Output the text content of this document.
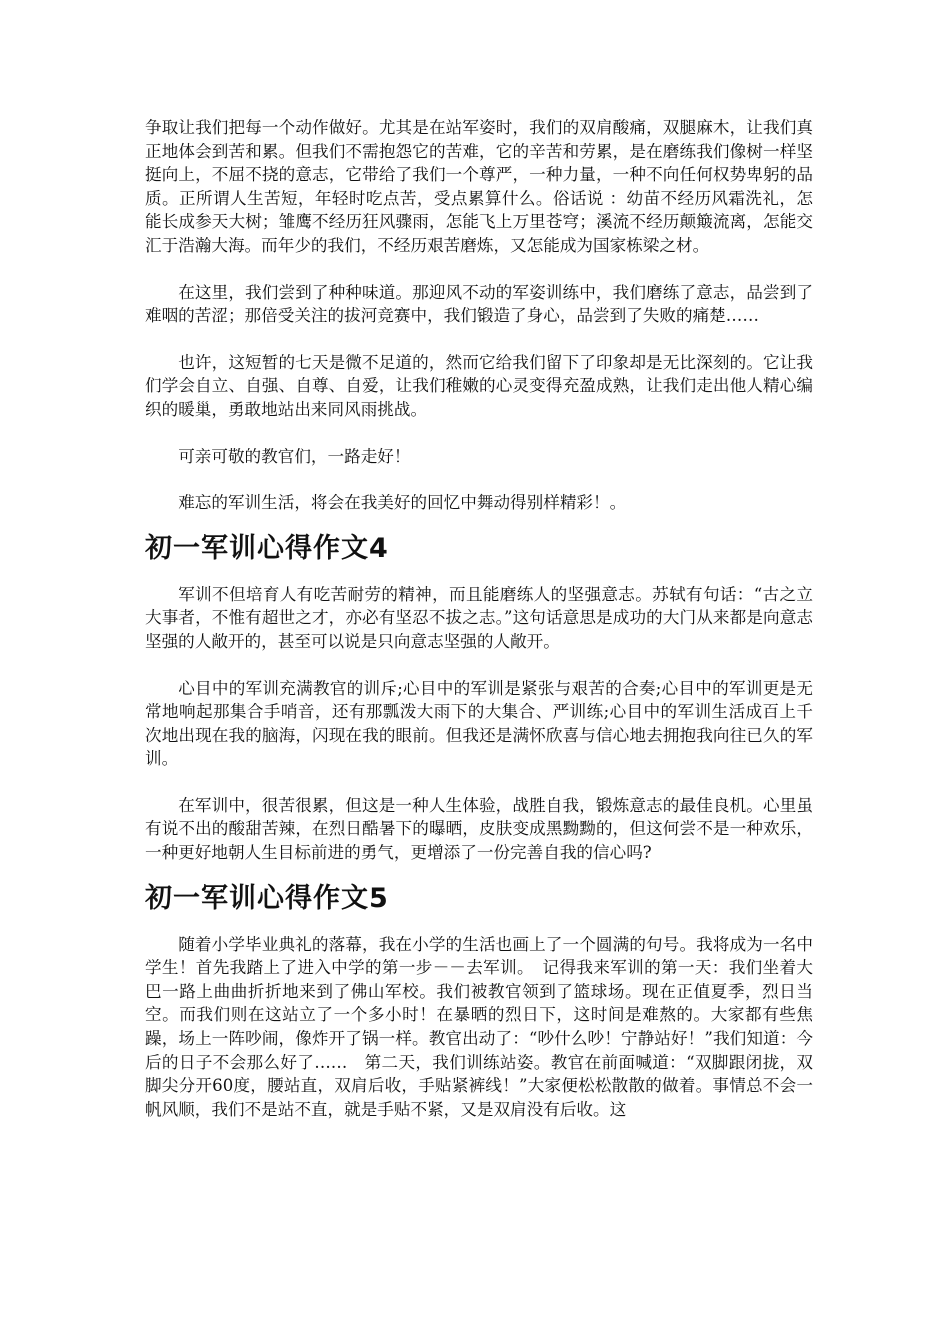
争取让我们把每一个动作做好。尤其是在站军姿时，我们的双肩酸痛，双腿麻木，让我们真正地体会到苦和累。但我们不需抱怨它的苦难，它的辛苦和劳累，是在磨练我们像树一样坚挺向上，不屈不挠的意志，它带给了我们一个尊严，一种力量，一种不向任何权势卑躬的品质。正所谓人生苦短，年轻时吃点苦，受点累算什么。俗话说 ：幼苗不经历风霜洗礼，怎能长成参天大树；雏鹰不经历狂风骤雨，怎能飞上万里苍穹；溪流不经历颠簸流离，怎能交汇于浩瀚大海。而年少的我们，不经历艰苦磨炼，又怎能成为国家栋梁之材。

在这里，我们尝到了种种味道。那迎风不动的军姿训练中，我们磨练了意志，品尝到了难咽的苦涩；那倍受关注的拔河竞赛中，我们锻造了身心，品尝到了失败的痛楚……

也许，这短暂的七天是微不足道的，然而它给我们留下了印象却是无比深刻的。它让我们学会自立、自强、自尊、自爱，让我们稚嫩的心灵变得充盈成熟，让我们走出他人精心编织的暖巢，勇敢地站出来同风雨挑战。

可亲可敬的教官们，一路走好！

难忘的军训生活，将会在我美好的回忆中舞动得别样精彩！。

初一军训心得作文4

军训不但培育人有吃苦耐劳的精神，而且能磨练人的坚强意志。苏轼有句话：“古之立大事者，不惟有超世之才，亦必有坚忍不拔之志。”这句话意思是成功的大门从来都是向意志坚强的人敞开的，甚至可以说是只向意志坚强的人敞开。

心目中的军训充满教官的训斥;心目中的军训是紧张与艰苦的合奏;心目中的军训更是无常地响起那集合手哨音，还有那瓢泼大雨下的大集合、严训练;心目中的军训生活成百上千次地出现在我的脑海，闪现在我的眼前。但我还是满怀欣喜与信心地去拥抱我向往已久的军训。

在军训中，很苦很累，但这是一种人生体验，战胜自我，锻炼意志的最佳良机。心里虽有说不出的酸甜苦辣，在烈日酷暑下的曝晒，皮肤变成黑黝黝的，但这何尝不是一种欢乐，一种更好地朝人生目标前进的勇气，更增添了一份完善自我的信心吗?

初一军训心得作文5

随着小学毕业典礼的落幕，我在小学的生活也画上了一个圆满的句号。我将成为一名中学生！首先我踏上了进入中学的第一步－－去军训。　记得我来军训的第一天：我们坐着大巴一路上曲曲折折地来到了佛山军校。我们被教官领到了篮球场。现在正值夏季，烈日当空。而我们则在这站立了一个多小时！在暴晒的烈日下，这时间是难熬的。大家都有些焦躁，场上一阵吵闹，像炸开了锅一样。教官出动了：“吵什么吵！宁静站好！”我们知道：今后的日子不会那么好了……　第二天，我们训练站姿。教官在前面喊道：“双脚跟闭拢，双脚尖分开60度，腰站直，双肩后收，手贴紧裤线！”大家便松松散散的做着。事情总不会一帆风顺，我们不是站不直，就是手贴不紧，又是双肩没有后收。这
